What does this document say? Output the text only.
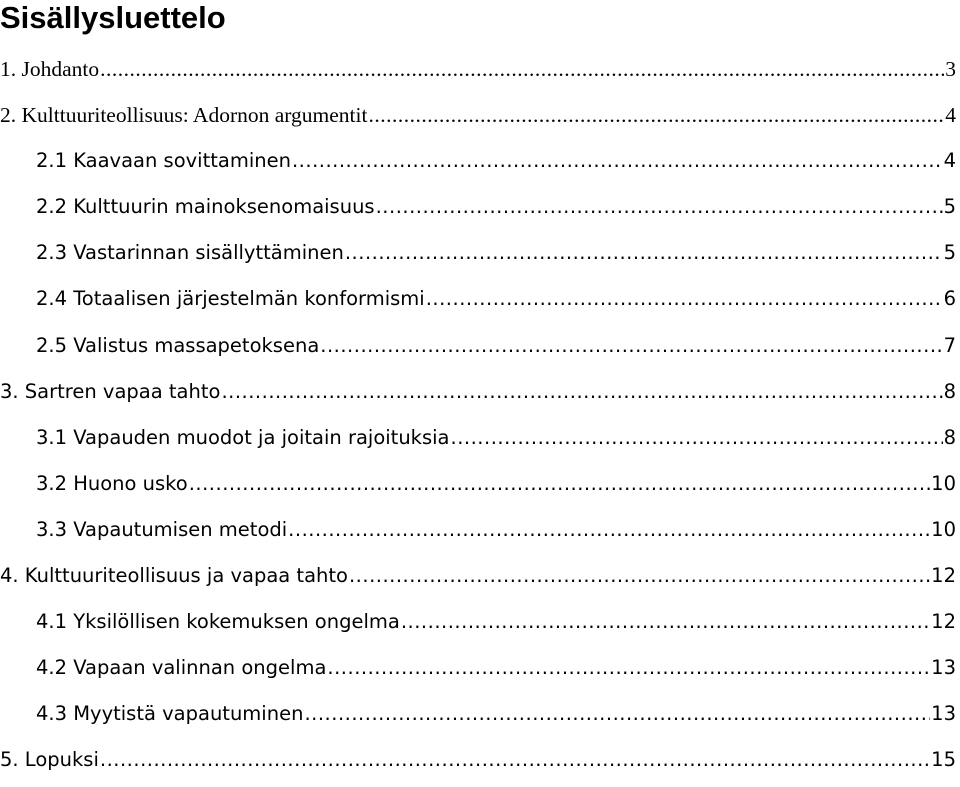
Sisällysluettelo
1. Johdanto .....	3
2. Kulttuuriteollisuus: Adornon argumentit .....	4
2.1 Kaavaan sovittaminen .....	4
2.2 Kulttuurin mainoksenomaisuus .....	5
2.3 Vastarinnan sisällyttäminen .....	5
2.4 Totaalisen järjestelmän konformismi .....	6
2.5 Valistus massapetoksena .....	7
3. Sartren vapaa tahto .....	8
3.1 Vapauden muodot ja joitain rajoituksia .....	8
3.2 Huono usko .....	10
3.3 Vapautumisen metodi .....	10
4. Kulttuuriteollisuus ja vapaa tahto .....	12
4.1 Yksilöllisen kokemuksen ongelma .....	12
4.2 Vapaan valinnan ongelma .....	13
4.3 Myytistä vapautuminen .....	13
5. Lopuksi .....	15
